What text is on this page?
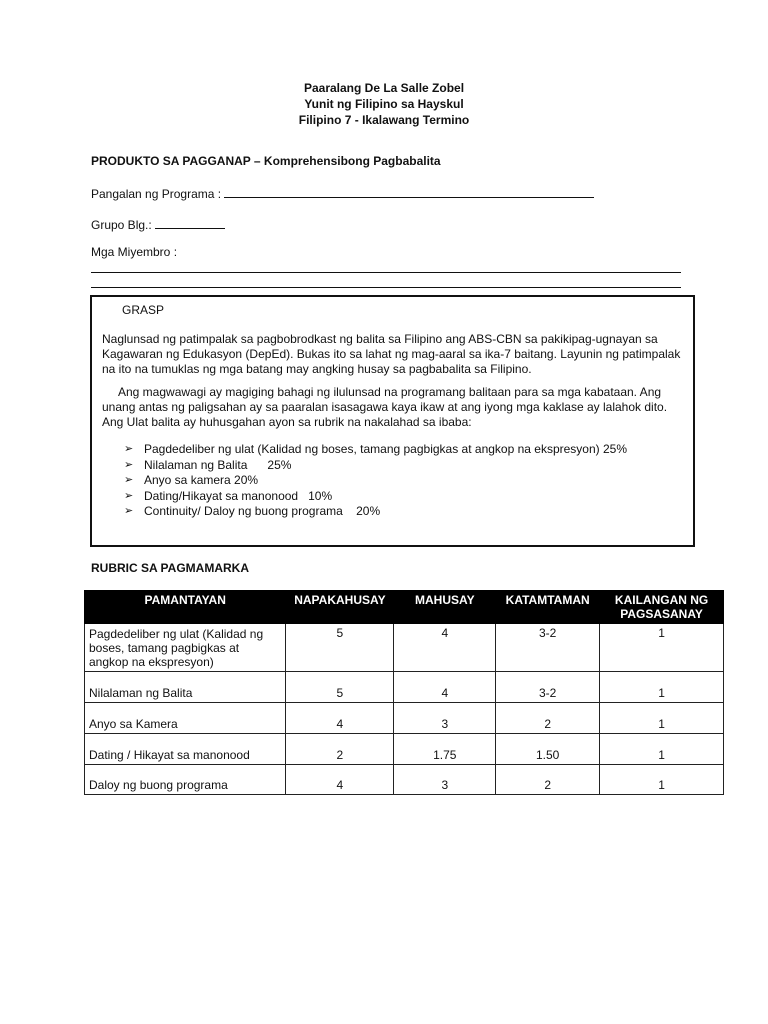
Paaralang De La Salle Zobel
Yunit ng Filipino sa Hayskul
Filipino 7 - Ikalawang Termino
PRODUKTO SA PAGGANAP – Komprehensibong Pagbabalita
Pangalan ng Programa :
Grupo Blg.:
Mga Miyembro :
GRASP
Naglunsad ng patimpalak sa pagbobrodkast ng balita sa Filipino ang ABS-CBN sa pakikipag-ugnayan sa Kagawaran ng Edukasyon (DepEd). Bukas ito sa lahat ng mag-aaral sa ika-7 baitang. Layunin ng patimpalak na ito na tumuklas ng mga batang may angking husay sa pagbabalita sa Filipino.
Ang magwawagi ay magiging bahagi ng ilulunsad na programang balitaan para sa mga kabataan. Ang unang antas ng paligsahan ay sa paaralan isasagawa kaya ikaw at ang iyong mga kaklase ay lalahok dito. Ang Ulat balita ay huhusgahan ayon sa rubrik na nakalahad sa ibaba:
➢ Pagdedeliber ng ulat (Kalidad ng boses, tamang pagbigkas at angkop na ekspresyon) 25%
➢ Nilalaman ng Balita      25%
➢ Anyo sa kamera 20%
➢ Dating/Hikayat sa manonood   10%
➢ Continuity/ Daloy ng buong programa    20%
RUBRIC SA PAGMAMARKA
PAMANTAYAN	NAPAKAHUSAY	MAHUSAY	KATAMTAMAN	KAILANGAN NG PAGSASANAY
Pagdedeliber ng ulat (Kalidad ng boses, tamang pagbigkas at angkop na ekspresyon)	5	4	3-2	1
Nilalaman ng Balita	5	4	3-2	1
Anyo sa Kamera	4	3	2	1
Dating / Hikayat sa manonood	2	1.75	1.50	1
Daloy ng buong programa	4	3	2	1
